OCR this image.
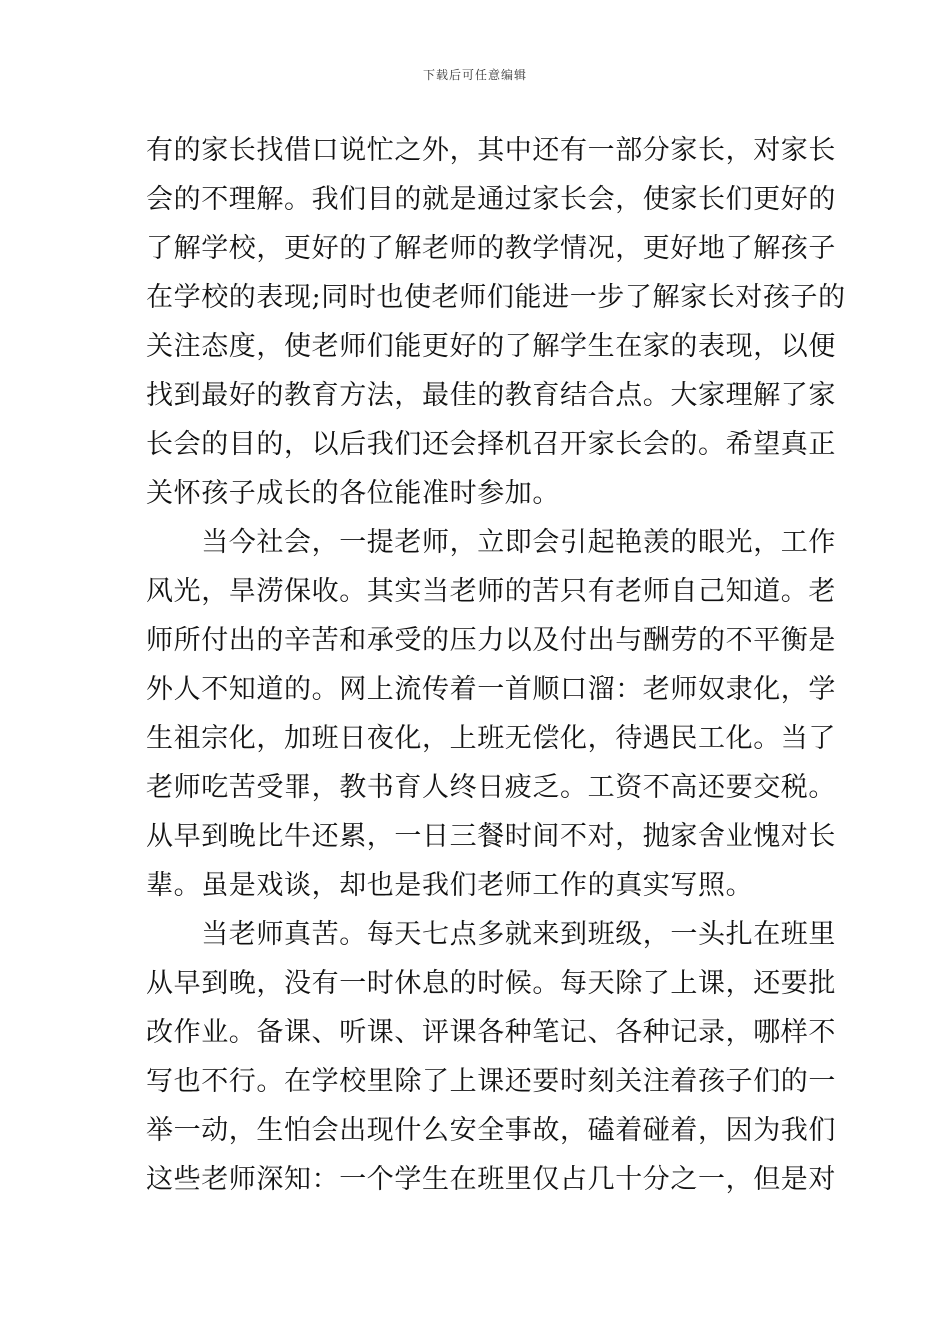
下载后可任意编辑
有的家长找借口说忙之外，其中还有一部分家长，对家长
会的不理解。我们目的就是通过家长会，使家长们更好的
了解学校，更好的了解老师的教学情况，更好地了解孩子
在学校的表现;同时也使老师们能进一步了解家长对孩子的
关注态度，使老师们能更好的了解学生在家的表现，以便
找到最好的教育方法，最佳的教育结合点。大家理解了家
长会的目的，以后我们还会择机召开家长会的。希望真正
关怀孩子成长的各位能准时参加。
　　当今社会，一提老师，立即会引起艳羡的眼光，工作
风光，旱涝保收。其实当老师的苦只有老师自己知道。老
师所付出的辛苦和承受的压力以及付出与酬劳的不平衡是
外人不知道的。网上流传着一首顺口溜：老师奴隶化，学
生祖宗化，加班日夜化，上班无偿化，待遇民工化。当了
老师吃苦受罪，教书育人终日疲乏。工资不高还要交税。
从早到晚比牛还累，一日三餐时间不对，抛家舍业愧对长
辈。虽是戏谈，却也是我们老师工作的真实写照。
　　当老师真苦。每天七点多就来到班级，一头扎在班里
从早到晚，没有一时休息的时候。每天除了上课，还要批
改作业。备课、听课、评课各种笔记、各种记录，哪样不
写也不行。在学校里除了上课还要时刻关注着孩子们的一
举一动，生怕会出现什么安全事故，磕着碰着，因为我们
这些老师深知：一个学生在班里仅占几十分之一，但是对
